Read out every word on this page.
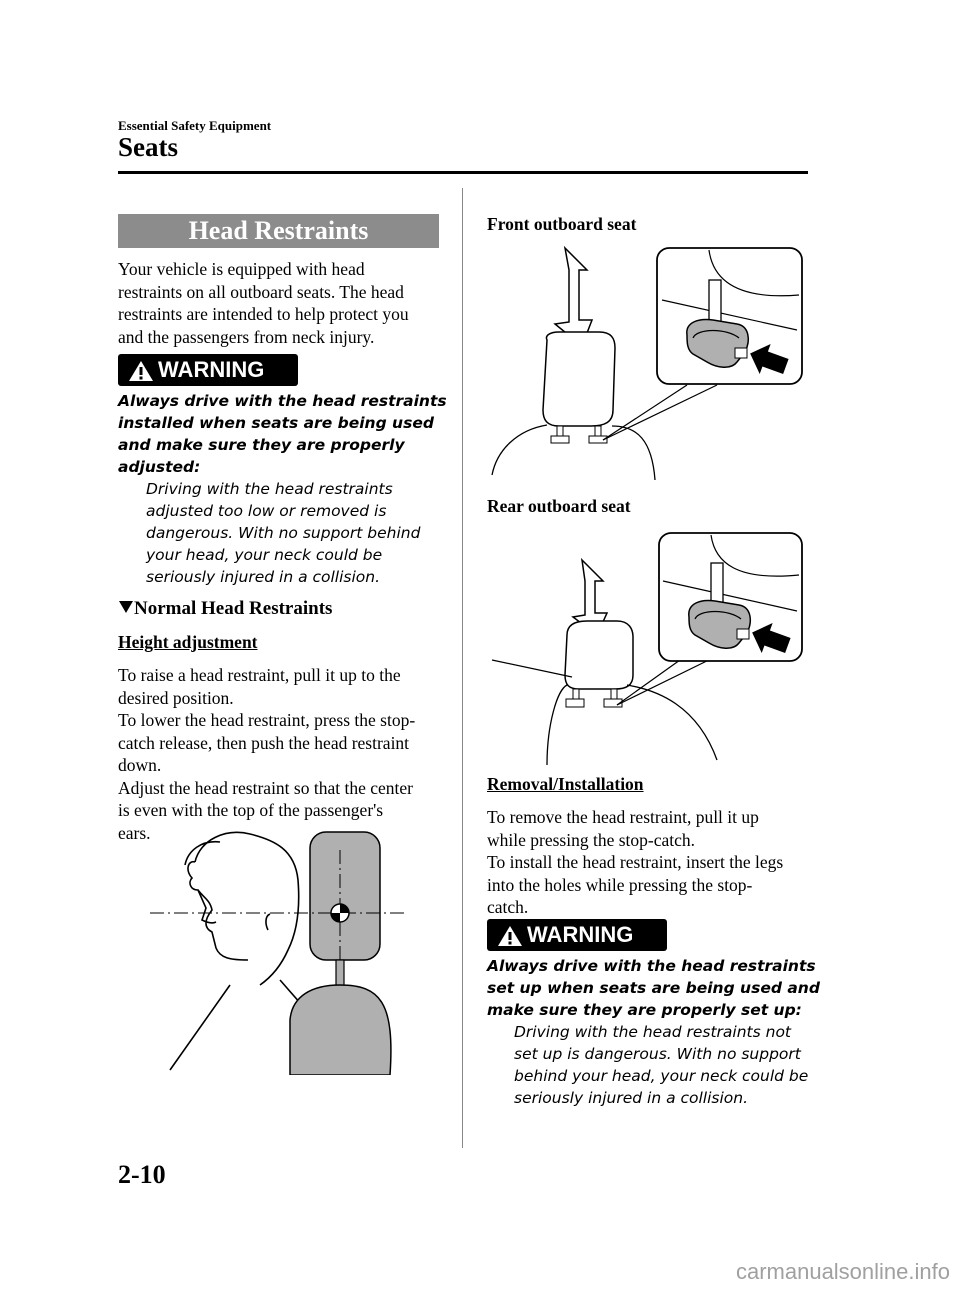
Essential Safety Equipment
Seats
Head Restraints
Your vehicle is equipped with head
restraints on all outboard seats. The head
restraints are intended to help protect you
and the passengers from neck injury.
WARNING
Always drive with the head restraints
installed when seats are being used
and make sure they are properly
adjusted:
Driving with the head restraints
adjusted too low or removed is
dangerous. With no support behind
your head, your neck could be
seriously injured in a collision.
Normal Head Restraints
Height adjustment
To raise a head restraint, pull it up to the
desired position.
To lower the head restraint, press the stop-
catch release, then push the head restraint
down.
Adjust the head restraint so that the center
is even with the top of the passenger's
ears.
Front outboard seat
Rear outboard seat
Removal/Installation
To remove the head restraint, pull it up
while pressing the stop-catch.
To install the head restraint, insert the legs
into the holes while pressing the stop-
catch.
WARNING
Always drive with the head restraints
set up when seats are being used and
make sure they are properly set up:
Driving with the head restraints not
set up is dangerous. With no support
behind your head, your neck could be
seriously injured in a collision.
2-10
carmanualsonline.info
